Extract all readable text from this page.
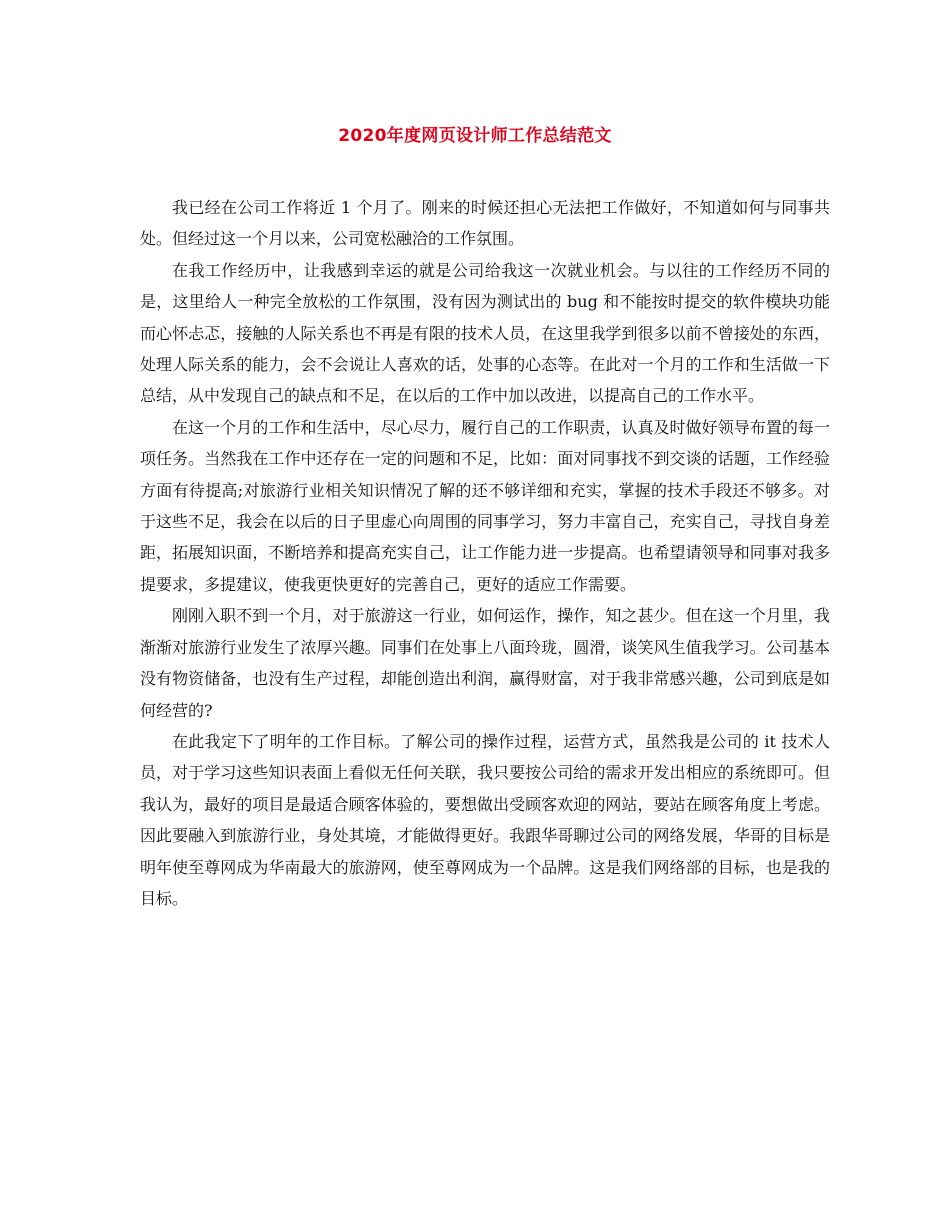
2020年度网页设计师工作总结范文

我已经在公司工作将近 1 个月了。刚来的时候还担心无法把工作做好，不知道如何与同事共处。但经过这一个月以来，公司宽松融洽的工作氛围。

在我工作经历中，让我感到幸运的就是公司给我这一次就业机会。与以往的工作经历不同的是，这里给人一种完全放松的工作氛围，没有因为测试出的 bug 和不能按时提交的软件模块功能而心怀忐忑，接触的人际关系也不再是有限的技术人员，在这里我学到很多以前不曾接处的东西，处理人际关系的能力，会不会说让人喜欢的话，处事的心态等。在此对一个月的工作和生活做一下总结，从中发现自己的缺点和不足，在以后的工作中加以改进，以提高自己的工作水平。

在这一个月的工作和生活中，尽心尽力，履行自己的工作职责，认真及时做好领导布置的每一项任务。当然我在工作中还存在一定的问题和不足，比如：面对同事找不到交谈的话题，工作经验方面有待提高;对旅游行业相关知识情况了解的还不够详细和充实，掌握的技术手段还不够多。对于这些不足，我会在以后的日子里虚心向周围的同事学习，努力丰富自己，充实自己，寻找自身差距，拓展知识面，不断培养和提高充实自己，让工作能力进一步提高。也希望请领导和同事对我多提要求，多提建议，使我更快更好的完善自己，更好的适应工作需要。

刚刚入职不到一个月，对于旅游这一行业，如何运作，操作，知之甚少。但在这一个月里，我渐渐对旅游行业发生了浓厚兴趣。同事们在处事上八面玲珑，圆滑，谈笑风生值我学习。公司基本没有物资储备，也没有生产过程，却能创造出利润，赢得财富，对于我非常感兴趣，公司到底是如何经营的?

在此我定下了明年的工作目标。了解公司的操作过程，运营方式，虽然我是公司的 it 技术人员，对于学习这些知识表面上看似无任何关联，我只要按公司给的需求开发出相应的系统即可。但我认为，最好的项目是最适合顾客体验的，要想做出受顾客欢迎的网站，要站在顾客角度上考虑。因此要融入到旅游行业，身处其境，才能做得更好。我跟华哥聊过公司的网络发展，华哥的目标是明年使至尊网成为华南最大的旅游网，使至尊网成为一个品牌。这是我们网络部的目标，也是我的目标。
